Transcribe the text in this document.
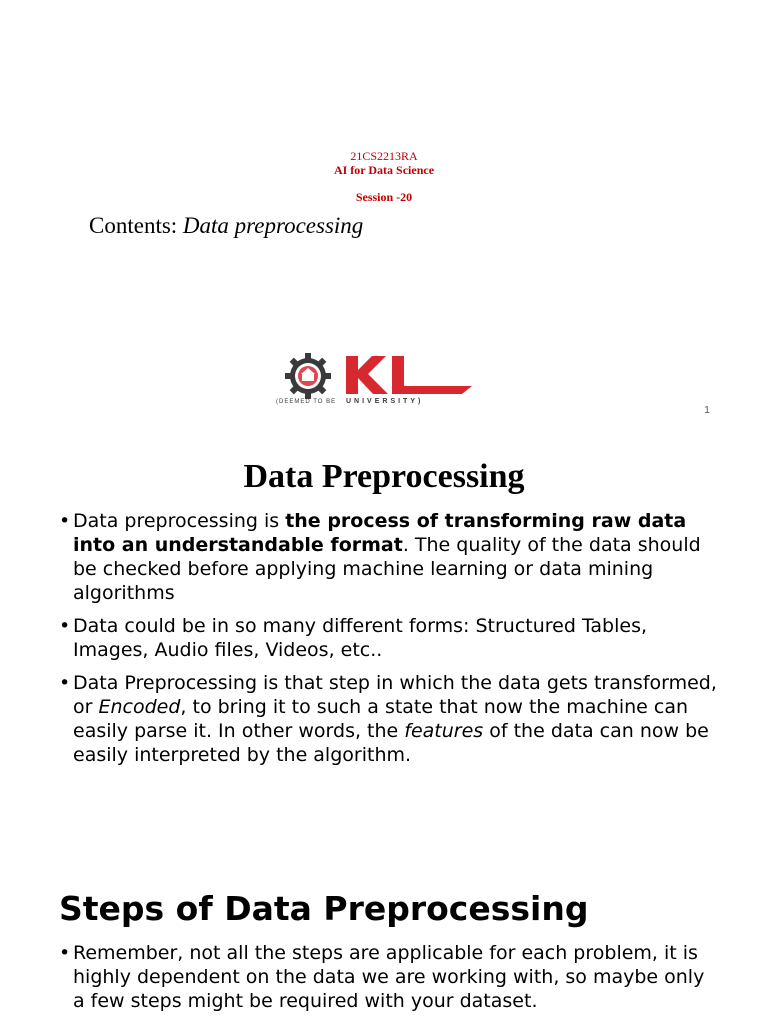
21CS2213RA
AI for Data Science
Session -20
Contents: Data preprocessing
(DEEMED TO BE UNIVERSITY)
1
Data Preprocessing
• Data preprocessing is the process of transforming raw data into an understandable format. The quality of the data should be checked before applying machine learning or data mining algorithms
• Data could be in so many different forms: Structured Tables, Images, Audio files, Videos, etc..
• Data Preprocessing is that step in which the data gets transformed, or Encoded, to bring it to such a state that now the machine can easily parse it. In other words, the features of the data can now be easily interpreted by the algorithm.
Steps of Data Preprocessing
• Remember, not all the steps are applicable for each problem, it is highly dependent on the data we are working with, so maybe only a few steps might be required with your dataset.
